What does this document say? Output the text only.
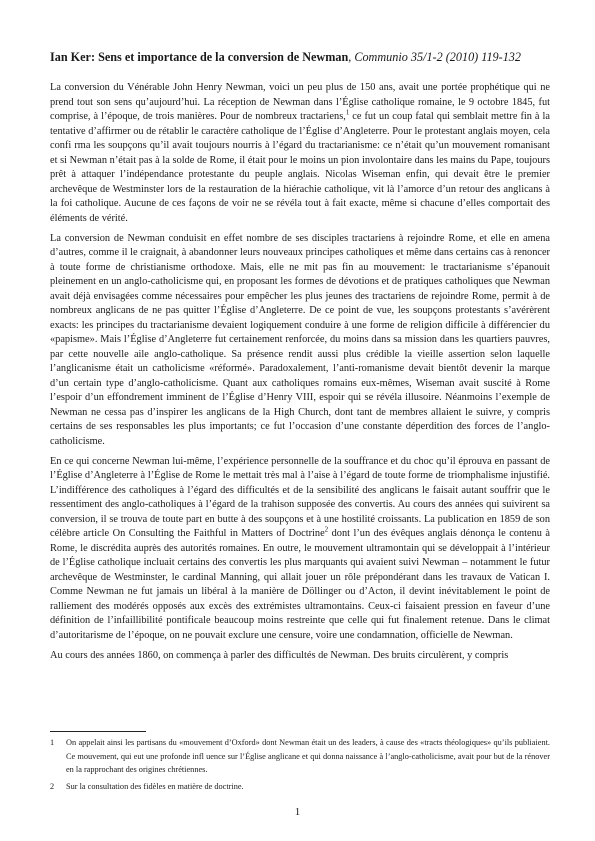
Ian Ker: Sens et importance de la conversion de Newman, Communio 35/1-2 (2010) 119-132

La conversion du Vénérable John Henry Newman, voici un peu plus de 150 ans, avait une portée prophétique qui ne prend tout son sens qu’aujourd’hui. La réception de Newman dans l’Église catholique romaine, le 9 octobre 1845, fut comprise, à l’époque, de trois manières. Pour de nombreux tractariens,$^1$ ce fut un coup fatal qui semblait mettre fin à la tentative d’affirmer ou de rétablir le caractère catholique de l’Église d’Angleterre. Pour le protestant anglais moyen, cela confi rma les soupçons qu’il avait toujours nourris à l’égard du tractarianisme: ce n’était qu’un mouvement romanisant et si Newman n’était pas à la solde de Rome, il était pour le moins un pion involontaire dans les mains du Pape, toujours prêt à attaquer l’indépendance protestante du peuple anglais. Nicolas Wiseman enfin, qui devait être le premier archevêque de Westminster lors de la restauration de la hiérachie catholique, vit là l’amorce d’un retour des anglicans à la foi catholique. Aucune de ces façons de voir ne se révéla tout à fait exacte, même si chacune d’elles comportait des éléments de vérité.

La conversion de Newman conduisit en effet nombre de ses disciples tractariens à rejoindre Rome, et elle en amena d’autres, comme il le craignait, à abandonner leurs nouveaux principes catholiques et même dans certains cas à renoncer à toute forme de christianisme orthodoxe. Mais, elle ne mit pas fin au mouvement: le tractarianisme s’épanouit pleinement en un anglo-catholicisme qui, en proposant les formes de dévotions et de pratiques catholiques que Newman avait déjà envisagées comme nécessaires pour empêcher les plus jeunes des tractariens de rejoindre Rome, permit à de nombreux anglicans de ne pas quitter l’Église d’Angleterre. De ce point de vue, les soupçons protestants s’avérèrent exacts: les principes du tractarianisme devaient logiquement conduire à une forme de religion difficile à différencier du «papisme». Mais l’Église d’Angleterre fut certainement renforcée, du moins dans sa mission dans les quartiers pauvres, par cette nouvelle aile anglo-catholique. Sa présence rendit aussi plus crédible la vieille assertion selon laquelle l’anglicanisme était un catholicisme «réformé». Paradoxalement, l’anti-romanisme devait bientôt devenir la marque d’un certain type d’anglo-catholicisme. Quant aux catholiques romains eux-mêmes, Wiseman avait suscité à Rome l’espoir d’un effondrement imminent de l’Église d’Henry VIII, espoir qui se révéla illusoire. Néanmoins l’exemple de Newman ne cessa pas d’inspirer les anglicans de la High Church, dont tant de membres allaient le suivre, y compris certains de ses responsables les plus importants; ce fut l’occasion d’une constante déperdition des forces de l’anglo-catholicisme.

En ce qui concerne Newman lui-même, l’expérience personnelle de la souffrance et du choc qu’il éprouva en passant de l’Église d’Angleterre à l’Église de Rome le mettait très mal à l’aise à l’égard de toute forme de triomphalisme injustifié. L’indifférence des catholiques à l’égard des difficultés et de la sensibilité des anglicans le faisait autant souffrir que le ressentiment des anglo-catholiques à l’égard de la trahison supposée des convertis. Au cours des années qui suivirent sa conversion, il se trouva de toute part en butte à des soupçons et à une hostilité croissants. La publication en 1859 de son célèbre article On Consulting the Faithful in Matters of Doctrine$^2$ dont l’un des évêques anglais dénonça le contenu à Rome, le discrédita auprès des autorités romaines. En outre, le mouvement ultramontain qui se développait à l’intérieur de l’Église catholique incluait certains des convertis les plus marquants qui avaient suivi Newman – notamment le futur archevêque de Westminster, le cardinal Manning, qui allait jouer un rôle prépondérant dans les travaux de Vatican I. Comme Newman ne fut jamais un libéral à la manière de Döllinger ou d’Acton, il devint inévitablement le point de ralliement des modérés opposés aux excès des extrémistes ultramontains. Ceux-ci faisaient pression en faveur d’une définition de l’infaillibilité pontificale beaucoup moins restreinte que celle qui fut finalement retenue. Dans le climat d’autoritarisme de l’époque, on ne pouvait exclure une censure, voire une condamnation, officielle de Newman.

Au cours des années 1860, on commença à parler des difficultés de Newman. Des bruits circulèrent, y compris

1	On appelait ainsi les partisans du «mouvement d’Oxford» dont Newman était un des leaders, à cause des «tracts théologiques» qu’ils publiaient. Ce mouvement, qui eut une profonde infl uence sur l’Église anglicane et qui donna naissance à l’anglo-catholicisme, avait pour but de la rénover en la rapprochant des origines chrétiennes.
2	Sur la consultation des fidèles en matière de doctrine.
1
